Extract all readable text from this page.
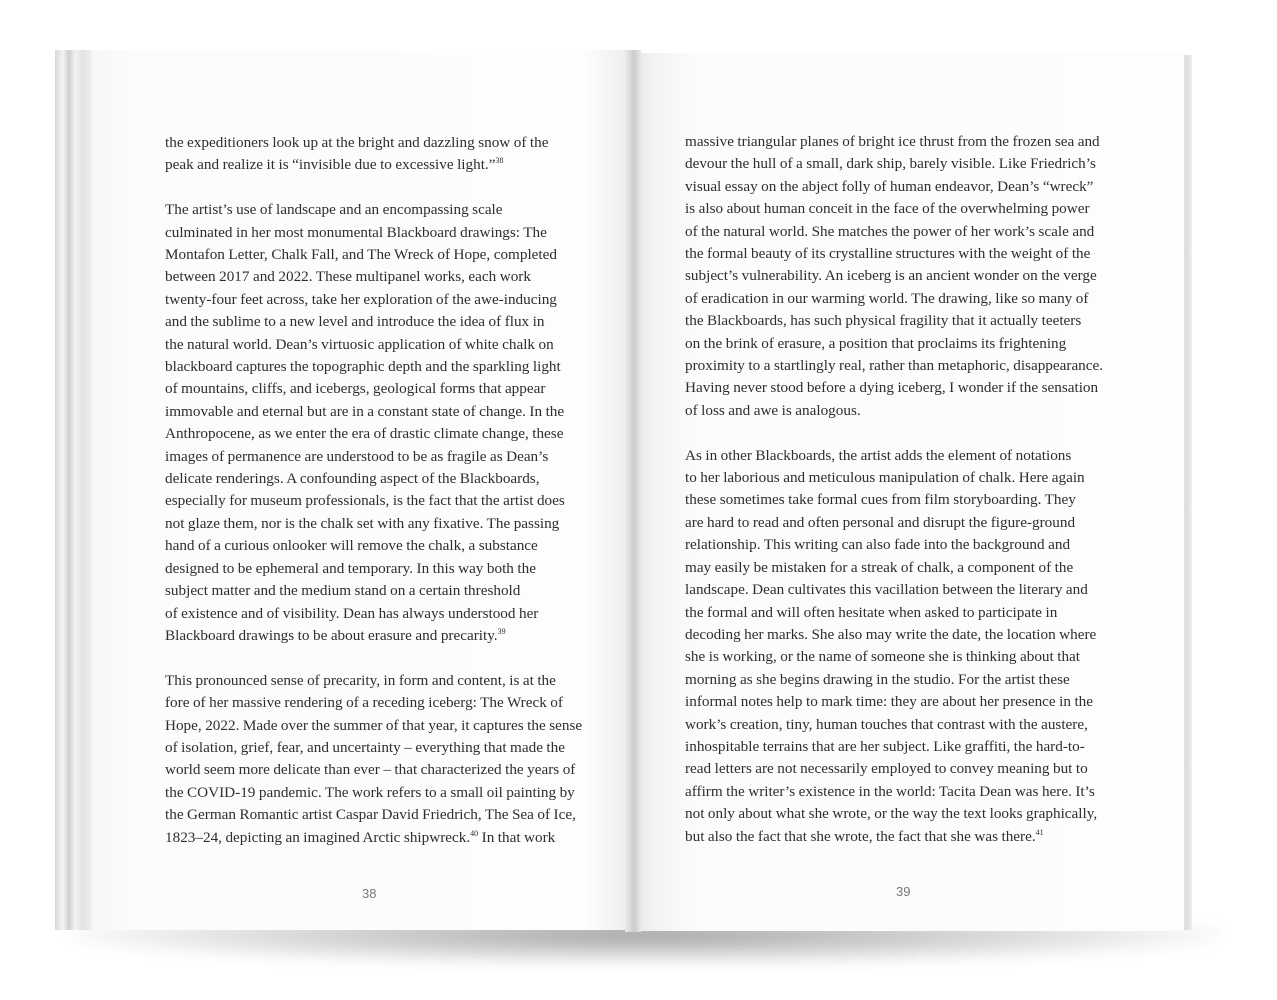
the expeditioners look up at the bright and dazzling snow of the
peak and realize it is “invisible due to excessive light.”$^{38}$

The artist’s use of landscape and an encompassing scale
culminated in her most monumental Blackboard drawings: The
Montafon Letter, Chalk Fall, and The Wreck of Hope, completed
between 2017 and 2022. These multipanel works, each work
twenty-four feet across, take her exploration of the awe-inducing
and the sublime to a new level and introduce the idea of flux in
the natural world. Dean’s virtuosic application of white chalk on
blackboard captures the topographic depth and the sparkling light
of mountains, cliffs, and icebergs, geological forms that appear
immovable and eternal but are in a constant state of change. In the
Anthropocene, as we enter the era of drastic climate change, these
images of permanence are understood to be as fragile as Dean’s
delicate renderings. A confounding aspect of the Blackboards,
especially for museum professionals, is the fact that the artist does
not glaze them, nor is the chalk set with any fixative. The passing
hand of a curious onlooker will remove the chalk, a substance
designed to be ephemeral and temporary. In this way both the
subject matter and the medium stand on a certain threshold
of existence and of visibility. Dean has always understood her
Blackboard drawings to be about erasure and precarity.$^{39}$

This pronounced sense of precarity, in form and content, is at the
fore of her massive rendering of a receding iceberg: The Wreck of
Hope, 2022. Made over the summer of that year, it captures the sense
of isolation, grief, fear, and uncertainty – everything that made the
world seem more delicate than ever – that characterized the years of
the COVID-19 pandemic. The work refers to a small oil painting by
the German Romantic artist Caspar David Friedrich, The Sea of Ice,
1823–24, depicting an imagined Arctic shipwreck.$^{40}$ In that work

38

massive triangular planes of bright ice thrust from the frozen sea and
devour the hull of a small, dark ship, barely visible. Like Friedrich’s
visual essay on the abject folly of human endeavor, Dean’s “wreck”
is also about human conceit in the face of the overwhelming power
of the natural world. She matches the power of her work’s scale and
the formal beauty of its crystalline structures with the weight of the
subject’s vulnerability. An iceberg is an ancient wonder on the verge
of eradication in our warming world. The drawing, like so many of
the Blackboards, has such physical fragility that it actually teeters
on the brink of erasure, a position that proclaims its frightening
proximity to a startlingly real, rather than metaphoric, disappearance.
Having never stood before a dying iceberg, I wonder if the sensation
of loss and awe is analogous.

As in other Blackboards, the artist adds the element of notations
to her laborious and meticulous manipulation of chalk. Here again
these sometimes take formal cues from film storyboarding. They
are hard to read and often personal and disrupt the figure-ground
relationship. This writing can also fade into the background and
may easily be mistaken for a streak of chalk, a component of the
landscape. Dean cultivates this vacillation between the literary and
the formal and will often hesitate when asked to participate in
decoding her marks. She also may write the date, the location where
she is working, or the name of someone she is thinking about that
morning as she begins drawing in the studio. For the artist these
informal notes help to mark time: they are about her presence in the
work’s creation, tiny, human touches that contrast with the austere,
inhospitable terrains that are her subject. Like graffiti, the hard-to-
read letters are not necessarily employed to convey meaning but to
affirm the writer’s existence in the world: Tacita Dean was here. It’s
not only about what she wrote, or the way the text looks graphically,
but also the fact that she wrote, the fact that she was there.$^{41}$

39
